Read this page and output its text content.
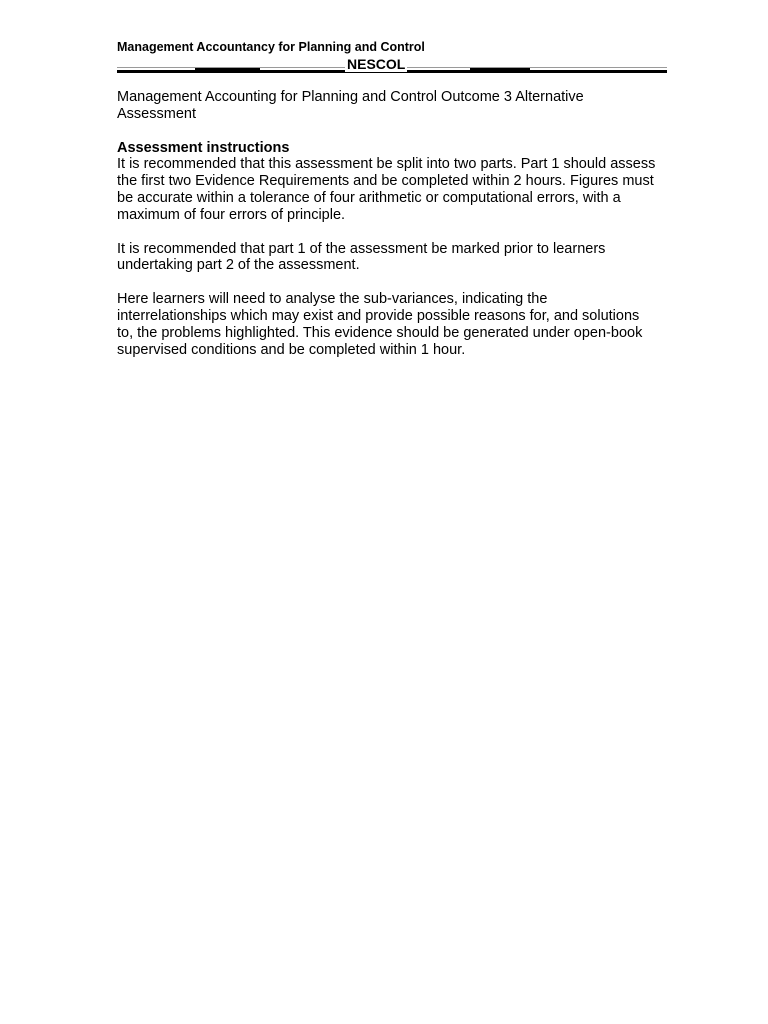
Management Accountancy for Planning and Control
NESCOL

Management Accounting for Planning and Control Outcome 3 Alternative Assessment

Assessment instructions

It is recommended that this assessment be split into two parts. Part 1 should assess the first two Evidence Requirements and be completed within 2 hours. Figures must be accurate within a tolerance of four arithmetic or computational errors, with a maximum of four errors of principle.

It is recommended that part 1 of the assessment be marked prior to learners undertaking part 2 of the assessment.

Here learners will need to analyse the sub-variances, indicating the interrelationships which may exist and provide possible reasons for, and solutions to, the problems highlighted. This evidence should be generated under open-book supervised conditions and be completed within 1 hour.
